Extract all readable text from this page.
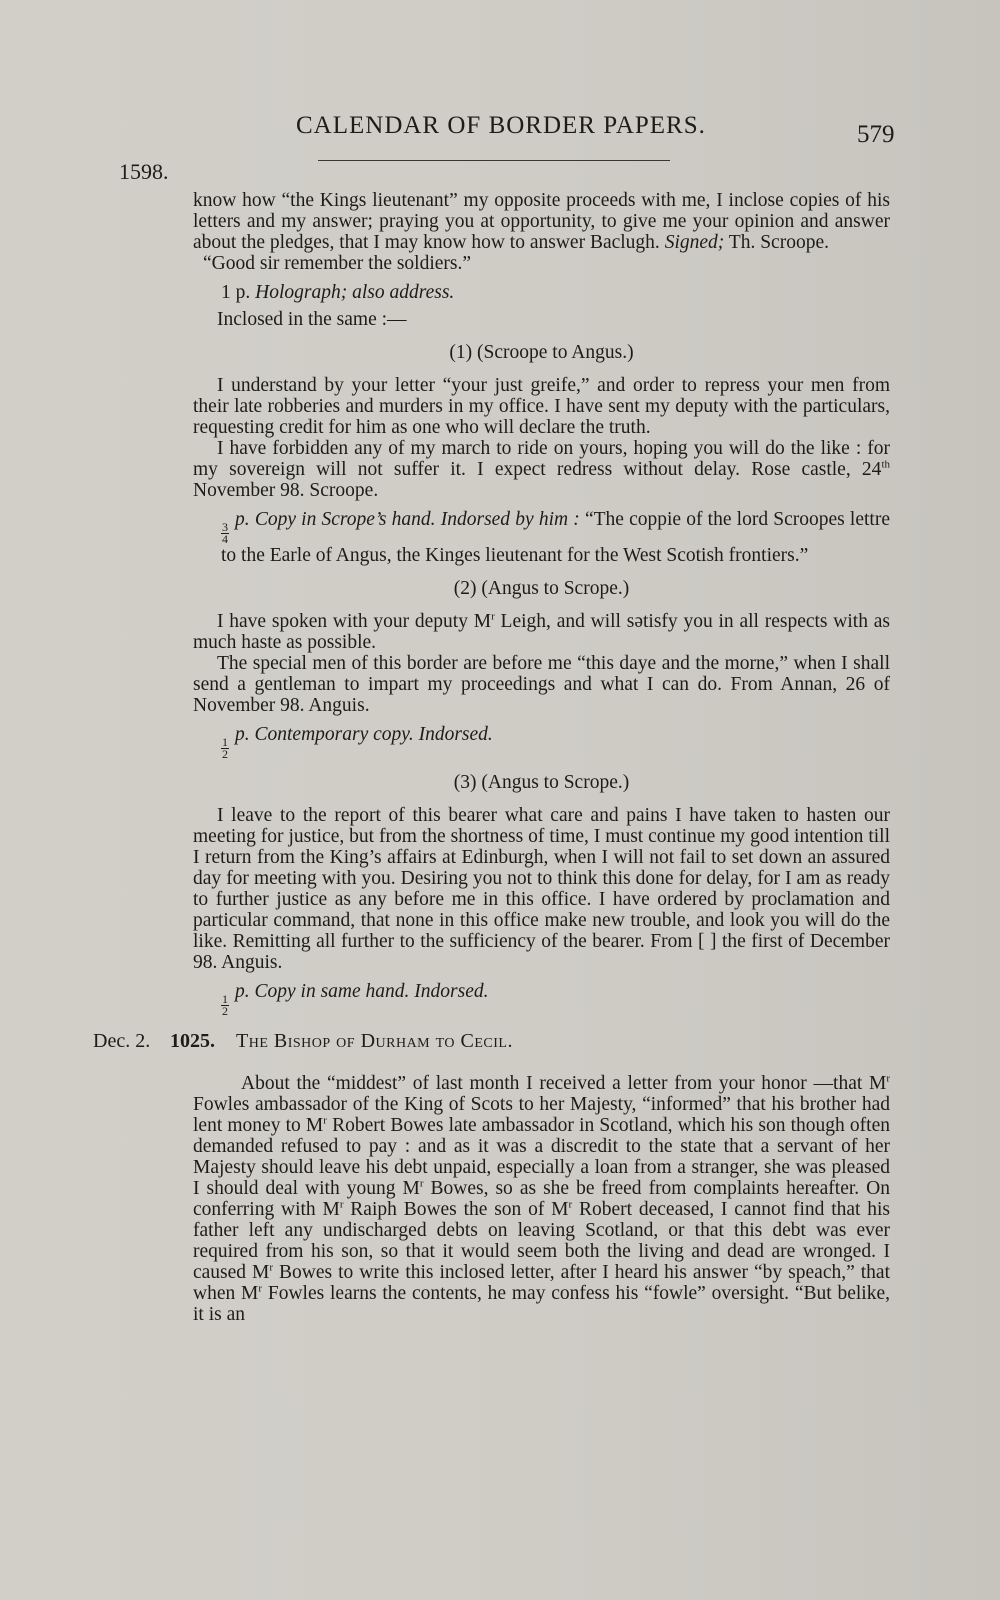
CALENDAR OF BORDER PAPERS.	579
1598.

know how “the Kings lieutenant” my opposite proceeds with me, I inclose copies of his letters and my answer; praying you at opportunity, to give me your opinion and answer about the pledges, that I may know how to answer Baclugh. Signed; Th. Scroope.

“Good sir remember the soldiers.”

1 p. Holograph; also address.

Inclosed in the same :—

(1) (Scroope to Angus.)

I understand by your letter “your just greife,” and order to repress your men from their late robberies and murders in my office. I have sent my deputy with the particulars, requesting credit for him as one who will declare the truth.

I have forbidden any of my march to ride on yours, hoping you will do the like : for my sovereign will not suffer it. I expect redress without delay. Rose castle, 24th November 98. Scroope.

$\frac{3}{4}$
p. Copy in Scrope’s hand. Indorsed by him : “The coppie of the lord Scroopes lettre to the Earle of Angus, the Kinges lieutenant for the West Scotish frontiers.”

(2) (Angus to Scrope.)

I have spoken with your deputy $M^r$ Leigh, and will sətisfy you in all respects with as much haste as possible.

The special men of this border are before me “this daye and the morne,” when I shall send a gentleman to impart my proceedings and what I can do. From Annan, 26 of November 98. Anguis.

$\frac{1}{2}$
p. Contemporary copy. Indorsed.

(3) (Angus to Scrope.)

I leave to the report of this bearer what care and pains I have taken to hasten our meeting for justice, but from the shortness of time, I must continue my good intention till I return from the King’s affairs at Edinburgh, when I will not fail to set down an assured day for meeting with you. Desiring you not to think this done for delay, for I am as ready to further justice as any before me in this office. I have ordered by proclamation and particular command, that none in this office make new trouble, and look you will do the like. Remitting all further to the sufficiency of the bearer. From [ ] the first of December 98. Anguis.

$\frac{1}{2}$
p. Copy in same hand. Indorsed.

Dec. 2. 1025. The Bishop of Durham to Cecil.

About the “middest” of last month I received a letter from your honor —that $M^r$ Fowles ambassador of the King of Scots to her Majesty, “informed” that his brother had lent money to $M^r$ Robert Bowes late ambassador in Scotland, which his son though often demanded refused to pay : and as it was a discredit to the state that a servant of her Majesty should leave his debt unpaid, especially a loan from a stranger, she was pleased I should deal with young $M^r$ Bowes, so as she be freed from complaints hereafter. On conferring with $M^r$ Raiph Bowes the son of $M^r$ Robert deceased, I cannot find that his father left any undischarged debts on leaving Scotland, or that this debt was ever required from his son, so that it would seem both the living and dead are wronged. I caused $M^r$ Bowes to write this inclosed letter, after I heard his answer “by speach,” that when $M^r$ Fowles learns the contents, he may confess his “fowle” oversight. “But belike, it is an
